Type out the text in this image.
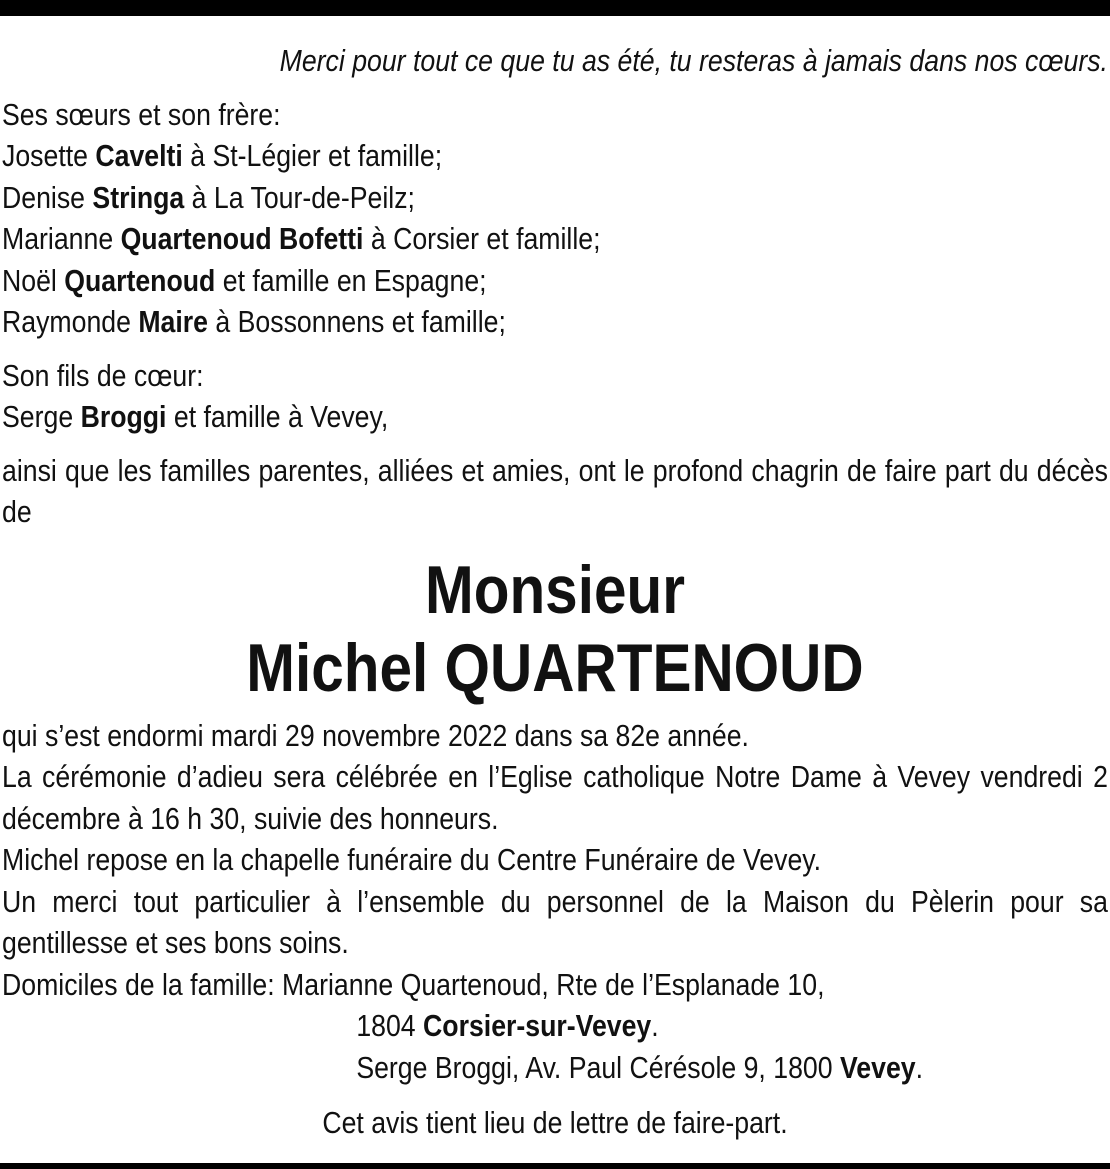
Merci pour tout ce que tu as été, tu resteras à jamais dans nos cœurs.
Ses sœurs et son frère:
Josette Cavelti à St-Légier et famille;
Denise Stringa à La Tour-de-Peilz;
Marianne Quartenoud Bofetti à Corsier et famille;
Noël Quartenoud et famille en Espagne;
Raymonde Maire à Bossonnens et famille;
Son fils de cœur:
Serge Broggi et famille à Vevey,
ainsi que les familles parentes, alliées et amies, ont le profond chagrin de faire part du décès de
Monsieur
Michel QUARTENOUD
qui s’est endormi mardi 29 novembre 2022 dans sa 82e année.
La cérémonie d’adieu sera célébrée en l’Eglise catholique Notre Dame à Vevey vendredi 2 décembre à 16 h 30, suivie des honneurs.
Michel repose en la chapelle funéraire du Centre Funéraire de Vevey.
Un merci tout particulier à l’ensemble du personnel de la Maison du Pèlerin pour sa gentillesse et ses bons soins.
Domiciles de la famille: Marianne Quartenoud, Rte de l’Esplanade 10,
1804 Corsier-sur-Vevey.
Serge Broggi, Av. Paul Cérésole 9, 1800 Vevey.
Cet avis tient lieu de lettre de faire-part.
